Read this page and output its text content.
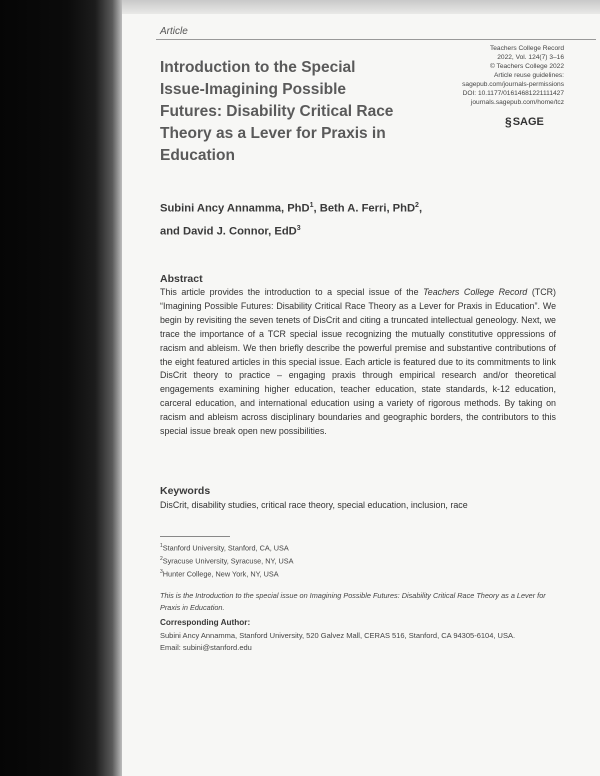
Article
Introduction to the Special Issue-Imagining Possible Futures: Disability Critical Race Theory as a Lever for Praxis in Education
Teachers College Record
2022, Vol. 124(7) 3–16
© Teachers College 2022
Article reuse guidelines:
sagepub.com/journals-permissions
DOI: 10.1177/01614681221111427
journals.sagepub.com/home/tcz
§ SAGE
Subini Ancy Annamma, PhD$^1$, Beth A. Ferri, PhD$^2$,
and David J. Connor, EdD$^3$
Abstract
This article provides the introduction to a special issue of the Teachers College Record (TCR) “Imagining Possible Futures: Disability Critical Race Theory as a Lever for Praxis in Education”. We begin by revisiting the seven tenets of DisCrit and citing a truncated intellectual geneology. Next, we trace the importance of a TCR special issue recognizing the mutually constitutive oppressions of racism and ableism. We then briefly describe the powerful premise and substantive contributions of the eight featured articles in this special issue. Each article is featured due to its commitments to link DisCrit theory to practice – engaging praxis through empirical research and/or theoretical engagements examining higher education, teacher education, state standards, k-12 education, carceral education, and international education using a variety of rigorous methods. By taking on racism and ableism across disciplinary boundaries and geographic borders, the contributors to this special issue break open new possibilities.
Keywords
DisCrit, disability studies, critical race theory, special education, inclusion, race
$^1$Stanford University, Stanford, CA, USA
$^2$Syracuse University, Syracuse, NY, USA
$^3$Hunter College, New York, NY, USA
This is the Introduction to the special issue on Imagining Possible Futures: Disability Critical Race Theory as a Lever for Praxis in Education.
Corresponding Author:
Subini Ancy Annamma, Stanford University, 520 Galvez Mall, CERAS 516, Stanford, CA 94305-6104, USA.
Email: subini@stanford.edu
